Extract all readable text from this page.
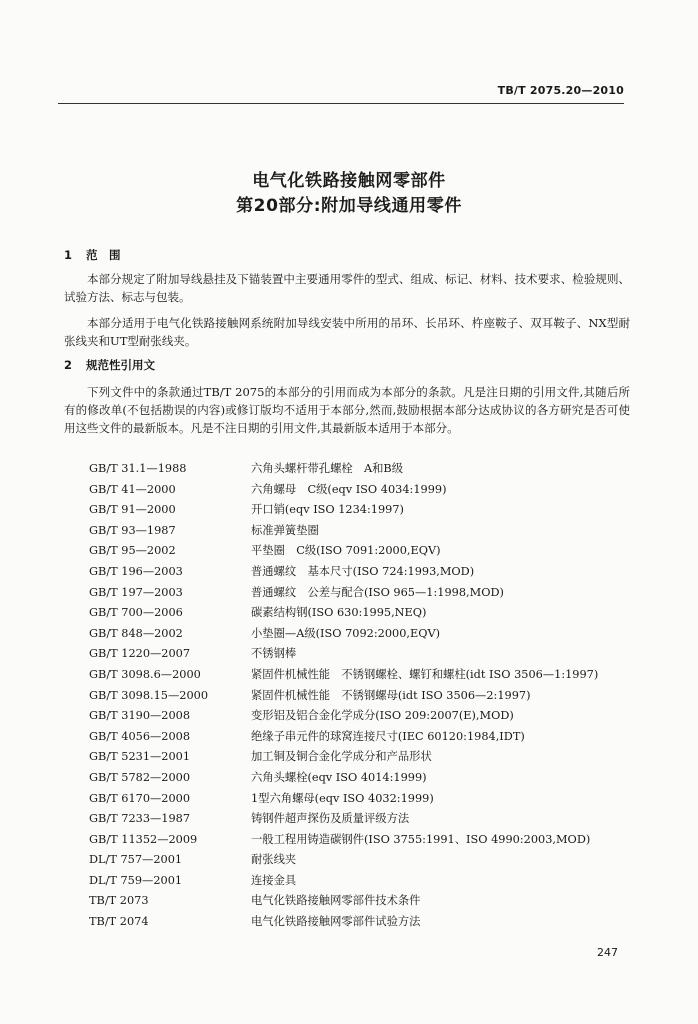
TB/T 2075.20—2010
电气化铁路接触网零部件
第20部分:附加导线通用零件
1 范　围

本部分规定了附加导线悬挂及下锚装置中主要通用零件的型式、组成、标记、材料、技术要求、检验规则、试验方法、标志与包装。

本部分适用于电气化铁路接触网系统附加导线安装中所用的吊环、长吊环、杵座鞍子、双耳鞍子、NX型耐张线夹和UT型耐张线夹。

2 规范性引用文

下列文件中的条款通过TB/T 2075的本部分的引用而成为本部分的条款。凡是注日期的引用文件,其随后所有的修改单(不包括勘误的内容)或修订版均不适用于本部分,然而,鼓励根据本部分达成协议的各方研究是否可使用这些文件的最新版本。凡是不注日期的引用文件,其最新版本适用于本部分。

GB/T 31.1—1988	六角头螺杆带孔螺栓　A和B级
GB/T 41—2000	六角螺母　C级(eqv ISO 4034:1999)
GB/T 91—2000	开口销(eqv ISO 1234:1997)
GB/T 93—1987	标准弹簧垫圈
GB/T 95—2002	平垫圈　C级(ISO 7091:2000,EQV)
GB/T 196—2003	普通螺纹　基本尺寸(ISO 724:1993,MOD)
GB/T 197—2003	普通螺纹　公差与配合(ISO 965—1:1998,MOD)
GB/T 700—2006	碳素结构钢(ISO 630:1995,NEQ)
GB/T 848—2002	小垫圈—A级(ISO 7092:2000,EQV)
GB/T 1220—2007	不锈钢棒
GB/T 3098.6—2000	紧固件机械性能　不锈钢螺栓、螺钉和螺柱(idt ISO 3506—1:1997)
GB/T 3098.15—2000	紧固件机械性能　不锈钢螺母(idt ISO 3506—2:1997)
GB/T 3190—2008	变形铝及铝合金化学成分(ISO 209:2007(E),MOD)
GB/T 4056—2008	绝缘子串元件的球窝连接尺寸(IEC 60120:1984,IDT)
GB/T 5231—2001	加工铜及铜合金化学成分和产品形状
GB/T 5782—2000	六角头螺栓(eqv ISO 4014:1999)
GB/T 6170—2000	1型六角螺母(eqv ISO 4032:1999)
GB/T 7233—1987	铸钢件超声探伤及质量评级方法
GB/T 11352—2009	一般工程用铸造碳钢件(ISO 3755:1991、ISO 4990:2003,MOD)
DL/T 757—2001	耐张线夹
DL/T 759—2001	连接金具
TB/T 2073	电气化铁路接触网零部件技术条件
TB/T 2074	电气化铁路接触网零部件试验方法
247
